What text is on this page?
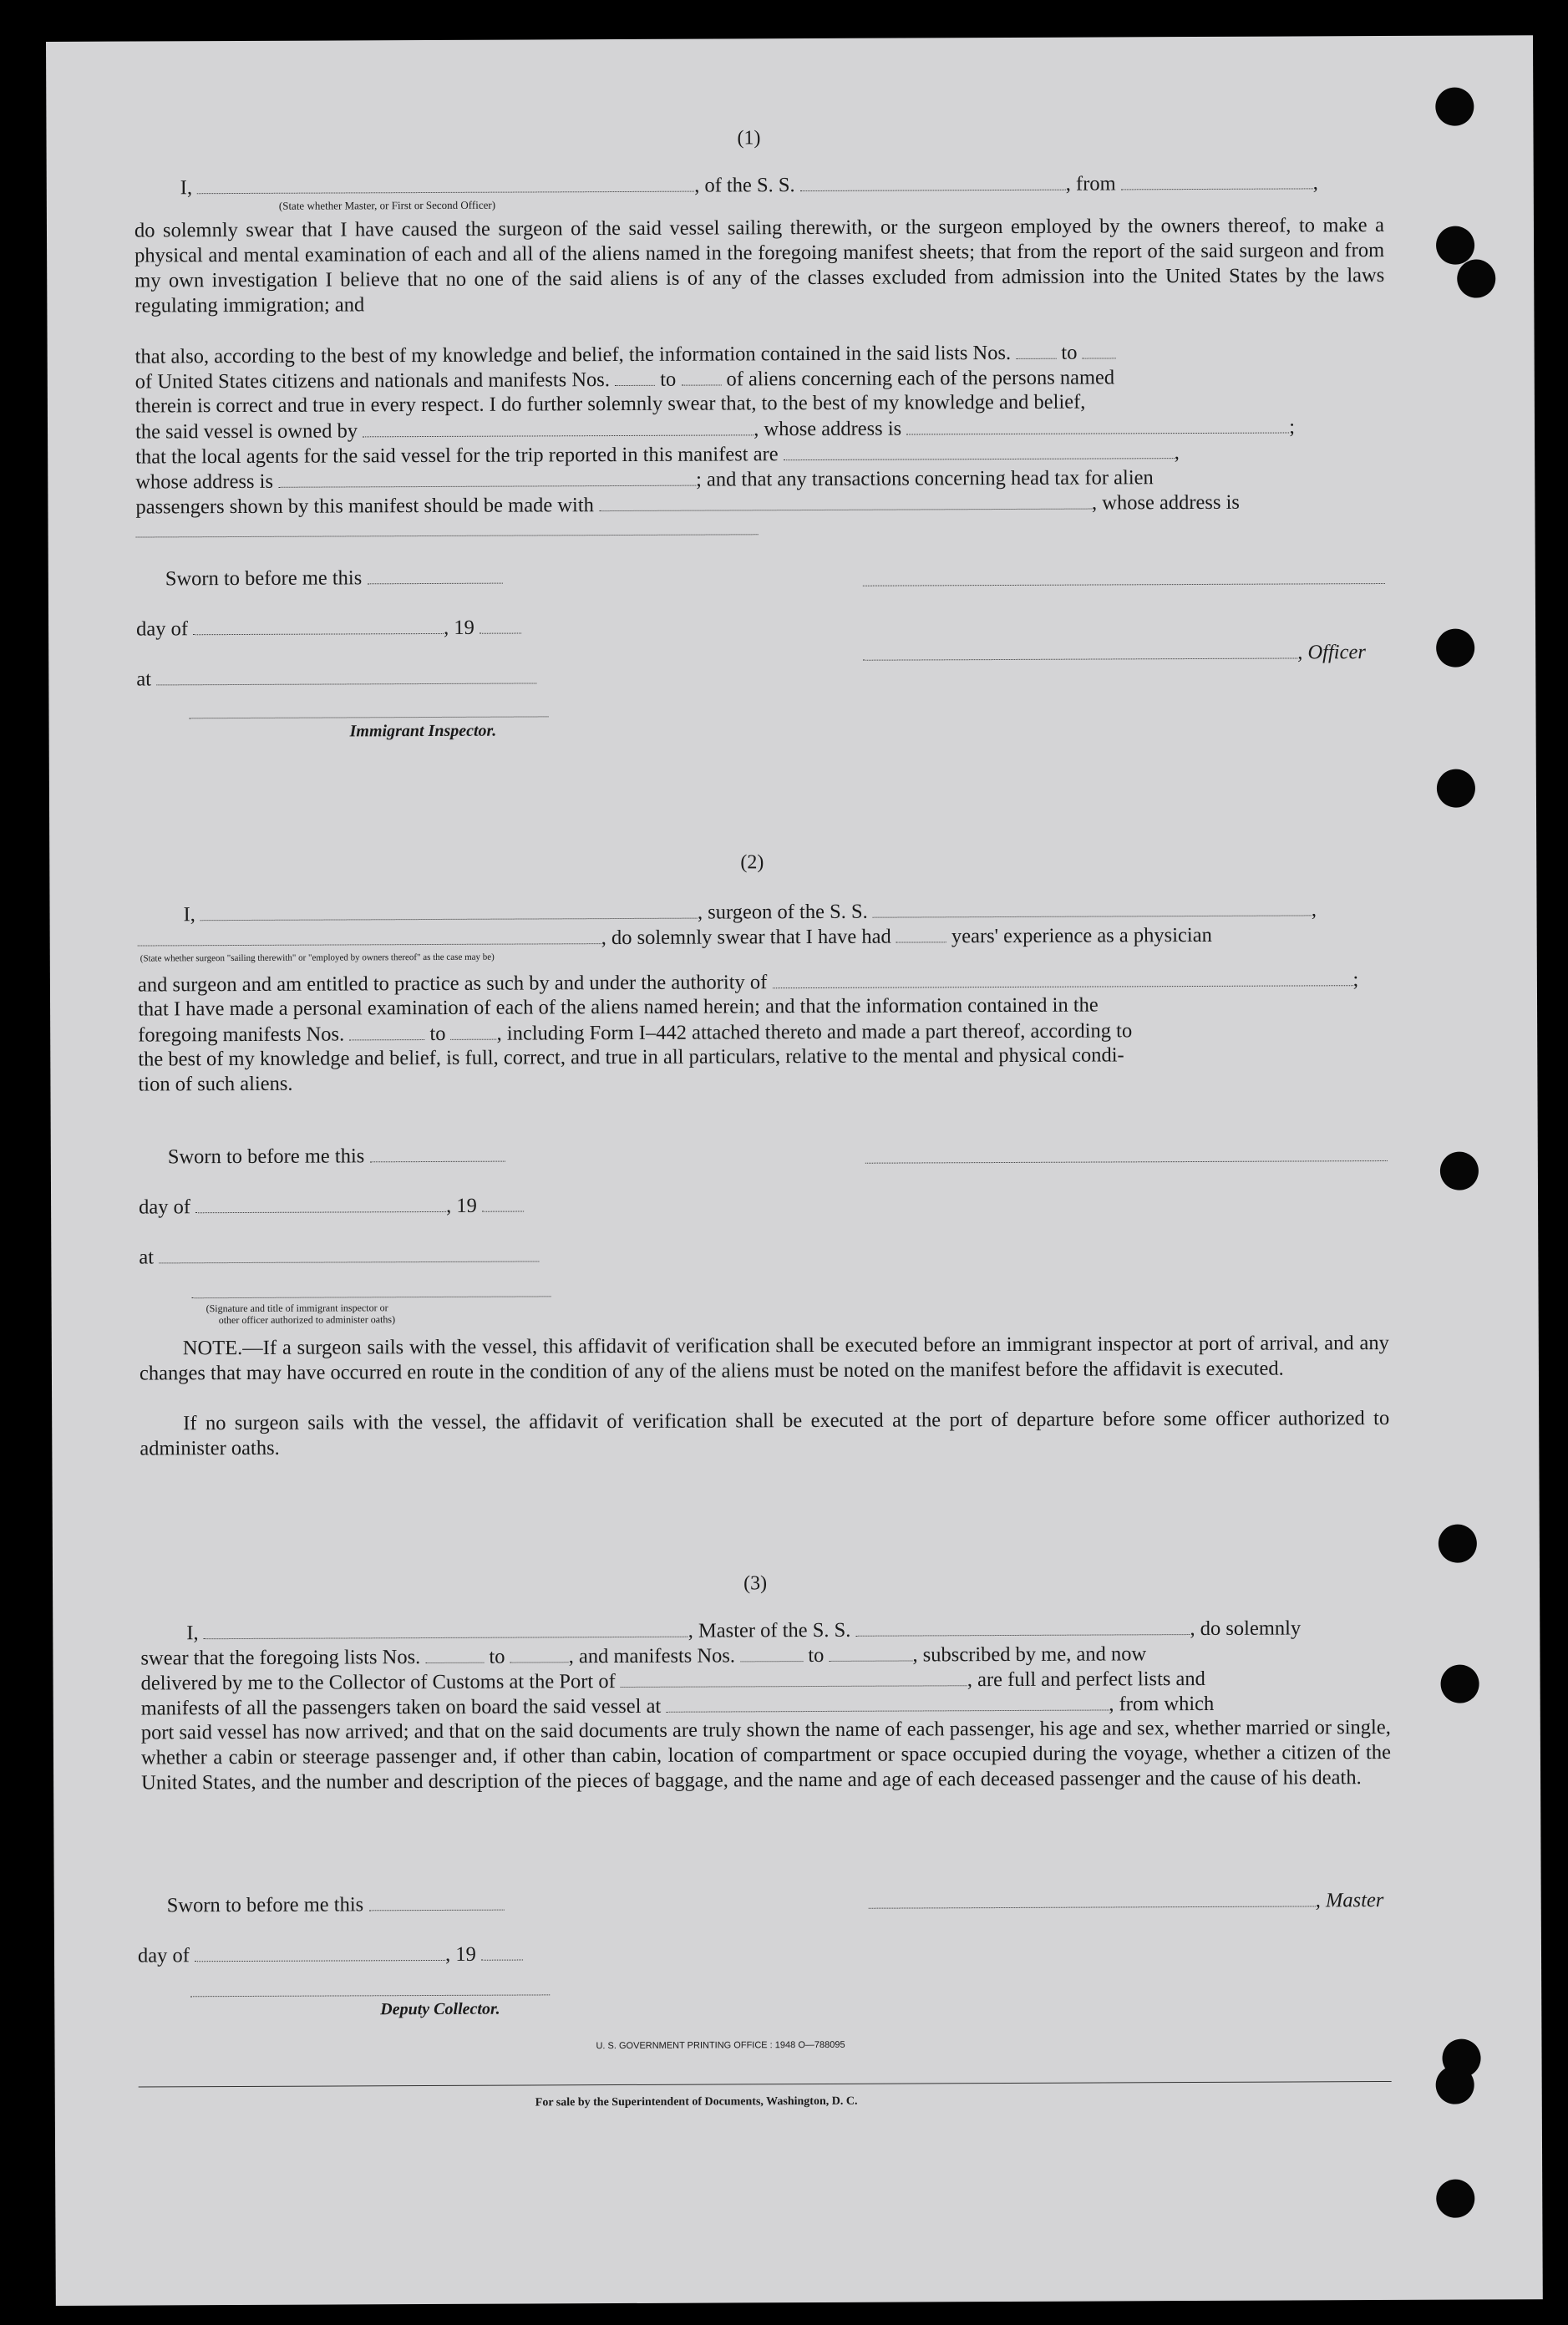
(1)
I,	, of the S. S.	, from	,
(State whether Master, or First or Second Officer)
do solemnly swear that I have caused the surgeon of the said vessel sailing therewith, or the surgeon employed by the owners thereof, to make a physical and mental examination of each and all of the aliens named in the foregoing manifest sheets; that from the report of the said surgeon and from my own investigation I believe that no one of the said aliens is of any of the classes excluded from admission into the United States by the laws regulating immigration; and
that also, according to the best of my knowledge and belief, the information contained in the said lists Nos. to
of United States citizens and nationals and manifests Nos. to of aliens concerning each of the persons named
therein is correct and true in every respect. I do further solemnly swear that, to the best of my knowledge and belief,
the said vessel is owned by	, whose address is	;
that the local agents for the said vessel for the trip reported in this manifest are	,
whose address is	; and that any transactions concerning head tax for alien
passengers shown by this manifest should be made with	, whose address is
Sworn to before me this
day of	, 19
, Officer
at
Immigrant Inspector.
(2)
I,	, surgeon of the S. S.	,
, do solemnly swear that I have had	years' experience as a physician
(State whether surgeon "sailing therewith" or "employed by owners thereof" as the case may be)
and surgeon and am entitled to practice as such by and under the authority of	;
that I have made a personal examination of each of the aliens named herein; and that the information contained in the
foregoing manifests Nos.	to , including Form I–442 attached thereto and made a part thereof, according to
the best of my knowledge and belief, is full, correct, and true in all particulars, relative to the mental and physical condi-
tion of such aliens.
Sworn to before me this
day of	, 19
at
(Signature and title of immigrant inspector or
other officer authorized to administer oaths)
NOTE.—If a surgeon sails with the vessel, this affidavit of verification shall be executed before an immigrant inspector at port of arrival, and any changes that may have occurred en route in the condition of any of the aliens must be noted on the manifest before the affidavit is executed.
If no surgeon sails with the vessel, the affidavit of verification shall be executed at the port of departure before some officer authorized to administer oaths.
(3)
I,	, Master of the S. S.	, do solemnly
swear that the foregoing lists Nos.	to	, and manifests Nos.	to	, subscribed by me, and now
delivered by me to the Collector of Customs at the Port of	, are full and perfect lists and
manifests of all the passengers taken on board the said vessel at	, from which
port said vessel has now arrived; and that on the said documents are truly shown the name of each passenger, his age and sex, whether married or single, whether a cabin or steerage passenger and, if other than cabin, location of compartment or space occupied during the voyage, whether a citizen of the United States, and the number and description of the pieces of baggage, and the name and age of each deceased passenger and the cause of his death.
Sworn to before me this	, Master
day of	, 19
Deputy Collector.
U. S. GOVERNMENT PRINTING OFFICE : 1948 O—788095
For sale by the Superintendent of Documents, Washington, D. C.
